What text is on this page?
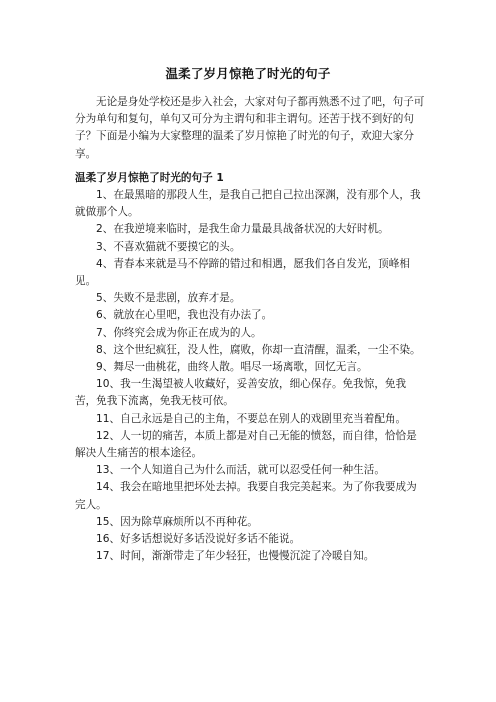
温柔了岁月惊艳了时光的句子
无论是身处学校还是步入社会，大家对句子都再熟悉不过了吧，句子可分为单句和复句，单句又可分为主谓句和非主谓句。还苦于找不到好的句子？下面是小编为大家整理的温柔了岁月惊艳了时光的句子，欢迎大家分享。
温柔了岁月惊艳了时光的句子 1
1、在最黑暗的那段人生，是我自己把自己拉出深渊，没有那个人，我就做那个人。
2、在我逆境来临时，是我生命力量最具战备状况的大好时机。
3、不喜欢猫就不要摸它的头。
4、青春本来就是马不停蹄的错过和相遇，愿我们各自发光，顶峰相见。
5、失败不是悲剧，放弃才是。
6、就放在心里吧，我也没有办法了。
7、你终究会成为你正在成为的人。
8、这个世纪疯狂，没人性，腐败，你却一直清醒，温柔，一尘不染。
9、舞尽一曲桃花，曲终人散。唱尽一场离歌，回忆无言。
10、我一生渴望被人收藏好，妥善安放，细心保存。免我惊，免我苦，免我下流离，免我无枝可依。
11、自己永远是自己的主角，不要总在别人的戏剧里充当着配角。
12、人一切的痛苦，本质上都是对自己无能的愤怒，而自律，恰恰是解决人生痛苦的根本途径。
13、一个人知道自己为什么而活，就可以忍受任何一种生活。
14、我会在暗地里把坏处去掉。我要自我完美起来。为了你我要成为完人。
15、因为除草麻烦所以不再种花。
16、好多话想说好多话没说好多话不能说。
17、时间，渐渐带走了年少轻狂，也慢慢沉淀了冷暖自知。
